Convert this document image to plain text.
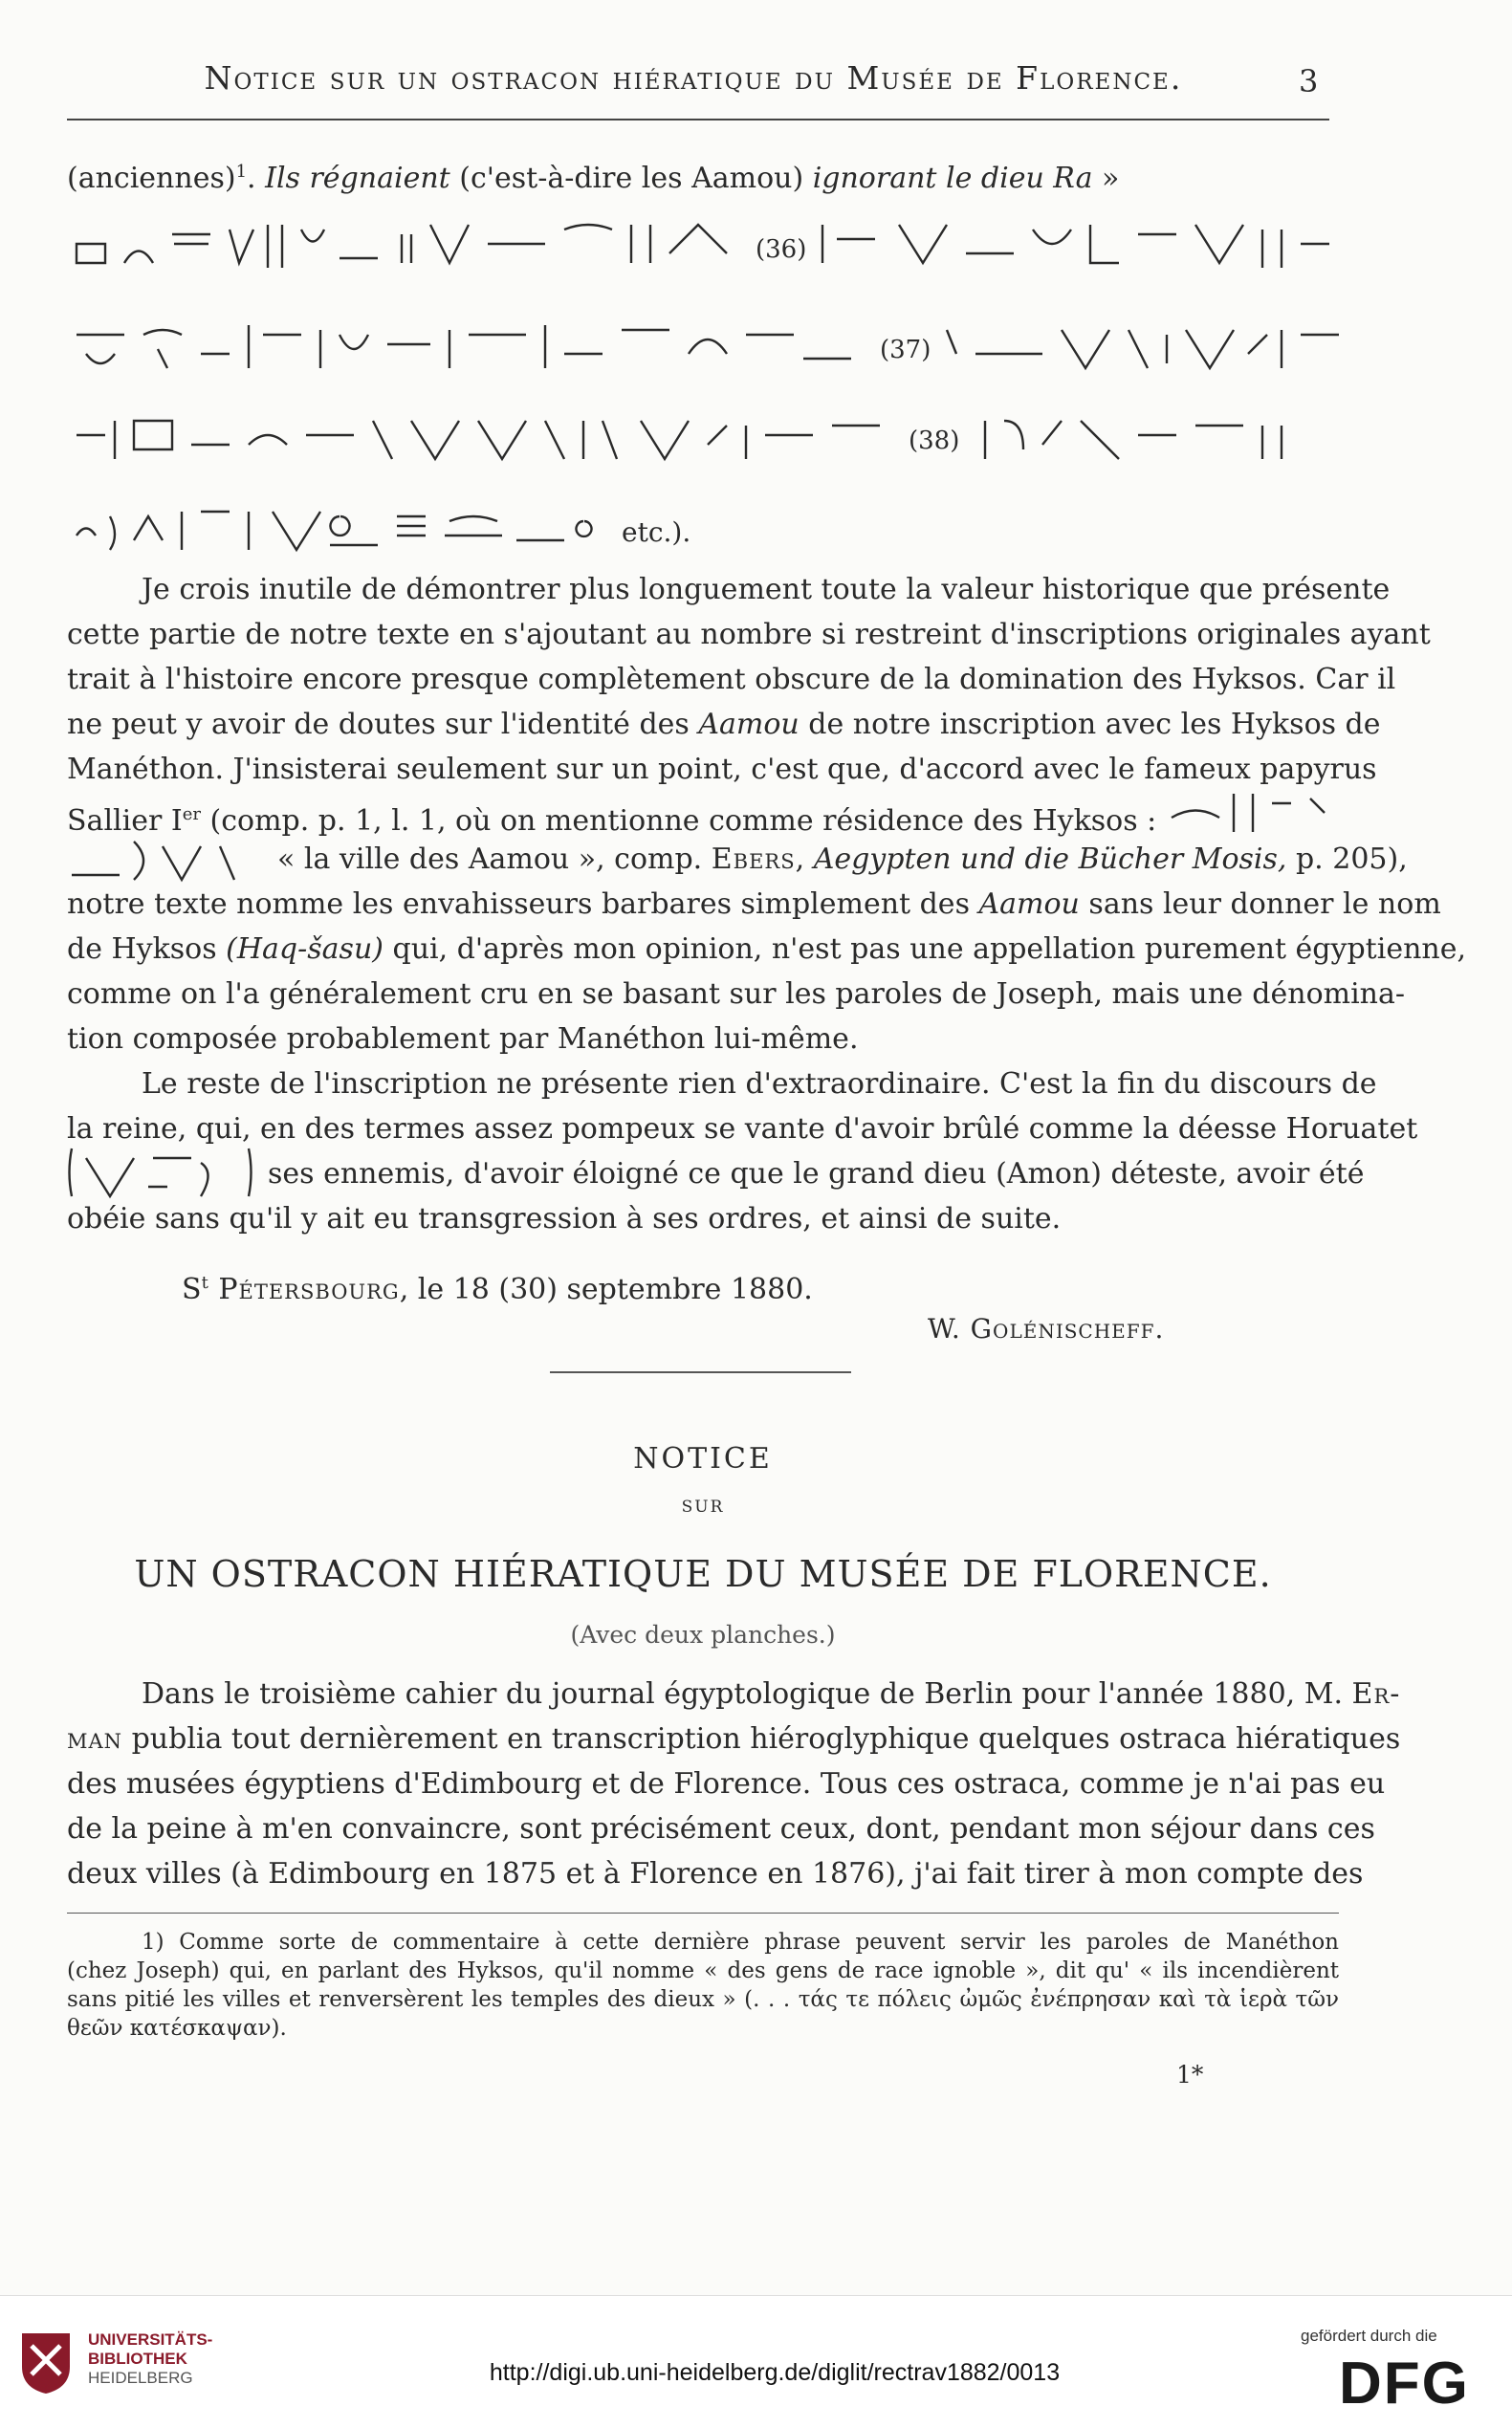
Notice sur un ostracon hiératique du Musée de Florence.	3
(anciennes)$^1$. Ils régnaient (c'est-à-dire les Aamou) ignorant le dieu Ra »
(36)
(37)
(38)
etc.).
Je crois inutile de démontrer plus longuement toute la valeur historique que présente
cette partie de notre texte en s'ajoutant au nombre si restreint d'inscriptions originales ayant
trait à l'histoire encore presque complètement obscure de la domination des Hyksos. Car il
ne peut y avoir de doutes sur l'identité des Aamou de notre inscription avec les Hyksos de
Manéthon. J'insisterai seulement sur un point, c'est que, d'accord avec le fameux papyrus
Sallier Ier (comp. p. 1, l. 1, où on mentionne comme résidence des Hyksos :
« la ville des Aamou », comp. Ebers, Aegypten und die Bücher Mosis, p. 205),
notre texte nomme les envahisseurs barbares simplement des Aamou sans leur donner le nom
de Hyksos (Haq-šasu) qui, d'après mon opinion, n'est pas une appellation purement égyptienne,
comme on l'a généralement cru en se basant sur les paroles de Joseph, mais une dénomina-
tion composée probablement par Manéthon lui-même.
Le reste de l'inscription ne présente rien d'extraordinaire. C'est la fin du discours de
la reine, qui, en des termes assez pompeux se vante d'avoir brûlé comme la déesse Horuatet
ses ennemis, d'avoir éloigné ce que le grand dieu (Amon) déteste, avoir été
obéie sans qu'il y ait eu transgression à ses ordres, et ainsi de suite.
$S^t$ Pétersbourg, le 18 (30) septembre 1880.
W. Golénischeff.
NOTICE
SUR
UN OSTRACON HIÉRATIQUE DU MUSÉE DE FLORENCE.
(Avec deux planches.)
Dans le troisième cahier du journal égyptologique de Berlin pour l'année 1880, M. Er-
man publia tout dernièrement en transcription hiéroglyphique quelques ostraca hiératiques
des musées égyptiens d'Edimbourg et de Florence. Tous ces ostraca, comme je n'ai pas eu
de la peine à m'en convaincre, sont précisément ceux, dont, pendant mon séjour dans ces
deux villes (à Edimbourg en 1875 et à Florence en 1876), j'ai fait tirer à mon compte des
1) Comme sorte de commentaire à cette dernière phrase peuvent servir les paroles de Manéthon
(chez Joseph) qui, en parlant des Hyksos, qu'il nomme « des gens de race ignoble », dit qu' « ils incendièrent
sans pitié les villes et renversèrent les temples des dieux » (. . . τάς τε πόλεις ὠμῶς ἐνέπρησαν καὶ τὰ ἱερὰ τῶν
θεῶν κατέσκαψαν).
1*
UNIVERSITÄTS-
BIBLIOTHEK
HEIDELBERG	http://digi.ub.uni-heidelberg.de/diglit/rectrav1882/0013
gefördert durch die
DFG
